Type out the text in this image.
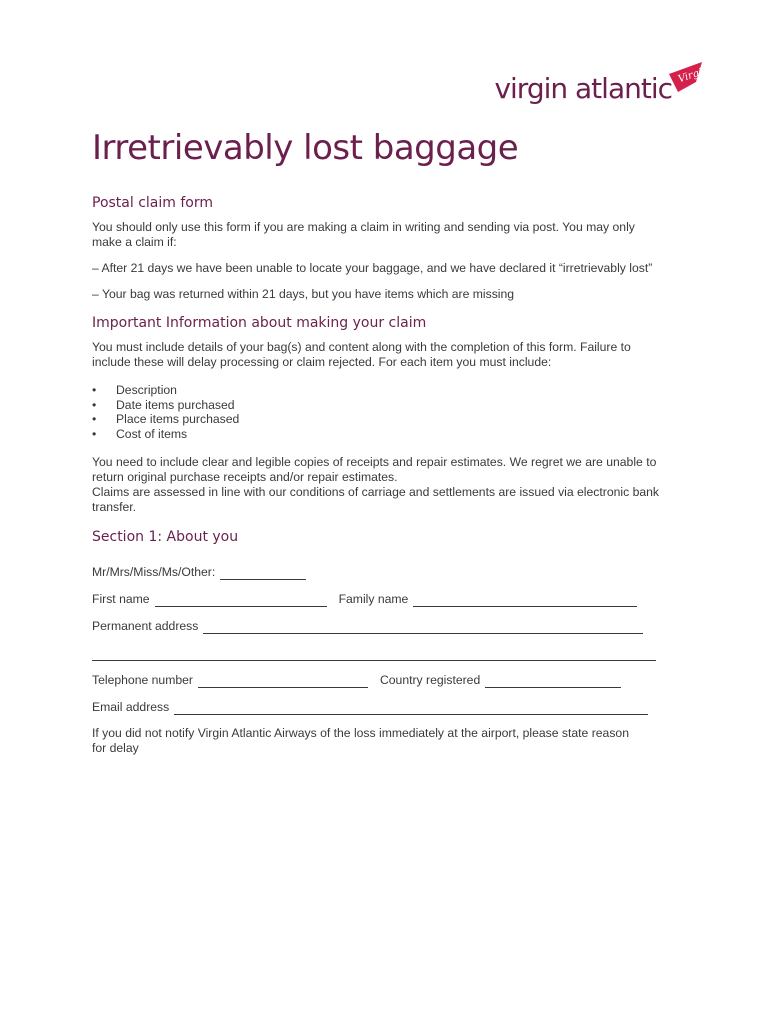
virgin atlantic Virgin
Irretrievably lost baggage
Postal claim form

You should only use this form if you are making a claim in writing and sending via post. You may only make a claim if:

– After 21 days we have been unable to locate your baggage, and we have declared it “irretrievably lost”

– Your bag was returned within 21 days, but you have items which are missing

Important Information about making your claim

You must include details of your bag(s) and content along with the completion of this form. Failure to include these will delay processing or claim rejected. For each item you must include:

• Description
• Date items purchased
• Place items purchased
• Cost of items

You need to include clear and legible copies of receipts and repair estimates. We regret we are unable to return original purchase receipts and/or repair estimates.

Claims are assessed in line with our conditions of carriage and settlements are issued via electronic bank transfer.

Section 1: About you
Mr/Mrs/Miss/Ms/Other:
First name	Family name
Permanent address
Telephone number	Country registered
Email address

If you did not notify Virgin Atlantic Airways of the loss immediately at the airport, please state reason for delay
